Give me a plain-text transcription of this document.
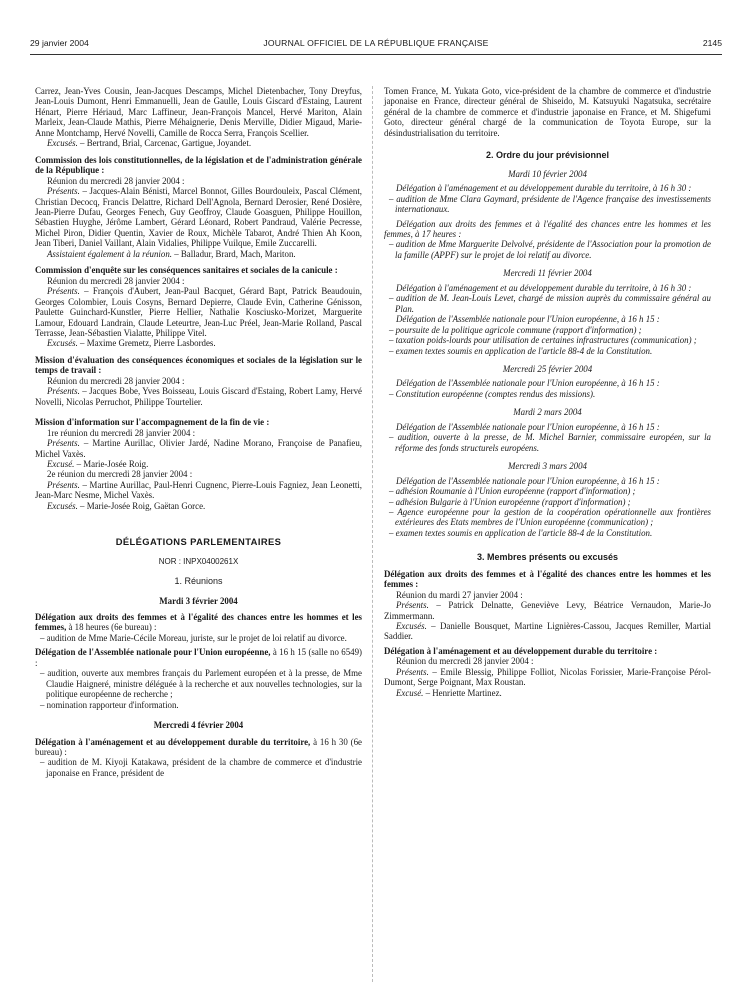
29 janvier 2004	JOURNAL OFFICIEL DE LA RÉPUBLIQUE FRANÇAISE	2145

Carrez, Jean-Yves Cousin, Jean-Jacques Descamps, Michel Dietenbacher, Tony Dreyfus, Jean-Louis Dumont, Henri Emmanuelli, Jean de Gaulle, Louis Giscard d'Estaing, Laurent Hénart, Pierre Hériaud, Marc Laffineur, Jean-François Mancel, Hervé Mariton, Alain Marleix, Jean-Claude Mathis, Pierre Méhaignerie, Denis Merville, Didier Migaud, Marie-Anne Montchamp, Hervé Novelli, Camille de Rocca Serra, François Scellier.

Excusés. – Bertrand, Brial, Carcenac, Gartigue, Joyandet.

Commission des lois constitutionnelles, de la législation et de l'administration générale de la République :

Réunion du mercredi 28 janvier 2004 :

Présents. – Jacques-Alain Bénisti, Marcel Bonnot, Gilles Bourdouleix, Pascal Clément, Christian Decocq, Francis Delattre, Richard Dell'Agnola, Bernard Derosier, René Dosière, Jean-Pierre Dufau, Georges Fenech, Guy Geoffroy, Claude Goasguen, Philippe Houillon, Sébastien Huyghe, Jérôme Lambert, Gérard Léonard, Robert Pandraud, Valérie Pecresse, Michel Piron, Didier Quentin, Xavier de Roux, Michèle Tabarot, André Thien Ah Koon, Jean Tiberi, Daniel Vaillant, Alain Vidalies, Philippe Vuilque, Emile Zuccarelli.

Assistaient également à la réunion. – Balladur, Brard, Mach, Mariton.

Commission d'enquête sur les conséquences sanitaires et sociales de la canicule :

Réunion du mercredi 28 janvier 2004 :

Présents. – François d'Aubert, Jean-Paul Bacquet, Gérard Bapt, Patrick Beaudouin, Georges Colombier, Louis Cosyns, Bernard Depierre, Claude Evin, Catherine Génisson, Paulette Guinchard-Kunstler, Pierre Hellier, Nathalie Kosciusko-Morizet, Marguerite Lamour, Edouard Landrain, Claude Leteurtre, Jean-Luc Préel, Jean-Marie Rolland, Pascal Terrasse, Jean-Sébastien Vialatte, Philippe Vitel.

Excusés. – Maxime Gremetz, Pierre Lasbordes.

Mission d'évaluation des conséquences économiques et sociales de la législation sur le temps de travail :

Réunion du mercredi 28 janvier 2004 :

Présents. – Jacques Bobe, Yves Boisseau, Louis Giscard d'Estaing, Robert Lamy, Hervé Novelli, Nicolas Perruchot, Philippe Tourtelier.

Mission d'information sur l'accompagnement de la fin de vie :

1re réunion du mercredi 28 janvier 2004 :

Présents. – Martine Aurillac, Olivier Jardé, Nadine Morano, Françoise de Panafieu, Michel Vaxès.

Excusé. – Marie-Josée Roig.

2e réunion du mercredi 28 janvier 2004 :

Présents. – Martine Aurillac, Paul-Henri Cugnenc, Pierre-Louis Fagniez, Jean Leonetti, Jean-Marc Nesme, Michel Vaxès.

Excusés. – Marie-Josée Roig, Gaëtan Gorce.

DÉLÉGATIONS PARLEMENTAIRES

NOR : INPX0400261X

1. Réunions

Mardi 3 février 2004

Délégation aux droits des femmes et à l'égalité des chances entre les hommes et les femmes, à 18 heures (6e bureau) :

– audition de Mme Marie-Cécile Moreau, juriste, sur le projet de loi relatif au divorce.

Délégation de l'Assemblée nationale pour l'Union européenne, à 16 h 15 (salle no 6549) :

– audition, ouverte aux membres français du Parlement européen et à la presse, de Mme Claudie Haigneré, ministre déléguée à la recherche et aux nouvelles technologies, sur la politique européenne de recherche ;

– nomination rapporteur d'information.

Mercredi 4 février 2004

Délégation à l'aménagement et au développement durable du territoire, à 16 h 30 (6e bureau) :

– audition de M. Kiyoji Katakawa, président de la chambre de commerce et d'industrie japonaise en France, président de

Tomen France, M. Yukata Goto, vice-président de la chambre de commerce et d'industrie japonaise en France, directeur général de Shiseido, M. Katsuyuki Nagatsuka, secrétaire général de la chambre de commerce et d'industrie japonaise en France, et M. Shigefumi Goto, directeur général chargé de la communication de Toyota Europe, sur la désindustrialisation du territoire.

2. Ordre du jour prévisionnel

Mardi 10 février 2004

Délégation à l'aménagement et au développement durable du territoire, à 16 h 30 :

– audition de Mme Clara Gaymard, présidente de l'Agence française des investissements internationaux.

Délégation aux droits des femmes et à l'égalité des chances entre les hommes et les femmes, à 17 heures :

– audition de Mme Marguerite Delvolvé, présidente de l'Association pour la promotion de la famille (APPF) sur le projet de loi relatif au divorce.

Mercredi 11 février 2004

Délégation à l'aménagement et au développement durable du territoire, à 16 h 30 :

– audition de M. Jean-Louis Levet, chargé de mission auprès du commissaire général au Plan.

Délégation de l'Assemblée nationale pour l'Union européenne, à 16 h 15 :

– poursuite de la politique agricole commune (rapport d'information) ;

– taxation poids-lourds pour utilisation de certaines infrastructures (communication) ;

– examen textes soumis en application de l'article 88-4 de la Constitution.

Mercredi 25 février 2004

Délégation de l'Assemblée nationale pour l'Union européenne, à 16 h 15 :

– Constitution européenne (comptes rendus des missions).

Mardi 2 mars 2004

Délégation de l'Assemblée nationale pour l'Union européenne, à 16 h 15 :

– audition, ouverte à la presse, de M. Michel Barnier, commissaire européen, sur la réforme des fonds structurels européens.

Mercredi 3 mars 2004

Délégation de l'Assemblée nationale pour l'Union européenne, à 16 h 15 :

– adhésion Roumanie à l'Union européenne (rapport d'information) ;

– adhésion Bulgarie à l'Union européenne (rapport d'information) ;

– Agence européenne pour la gestion de la coopération opérationnelle aux frontières extérieures des Etats membres de l'Union européenne (communication) ;

– examen textes soumis en application de l'article 88-4 de la Constitution.

3. Membres présents ou excusés

Délégation aux droits des femmes et à l'égalité des chances entre les hommes et les femmes :

Réunion du mardi 27 janvier 2004 :

Présents. – Patrick Delnatte, Geneviève Levy, Béatrice Vernaudon, Marie-Jo Zimmermann.

Excusés. – Danielle Bousquet, Martine Lignières-Cassou, Jacques Remiller, Martial Saddier.

Délégation à l'aménagement et au développement durable du territoire :

Réunion du mercredi 28 janvier 2004 :

Présents. – Emile Blessig, Philippe Folliot, Nicolas Forissier, Marie-Françoise Pérol-Dumont, Serge Poignant, Max Roustan.

Excusé. – Henriette Martinez.
